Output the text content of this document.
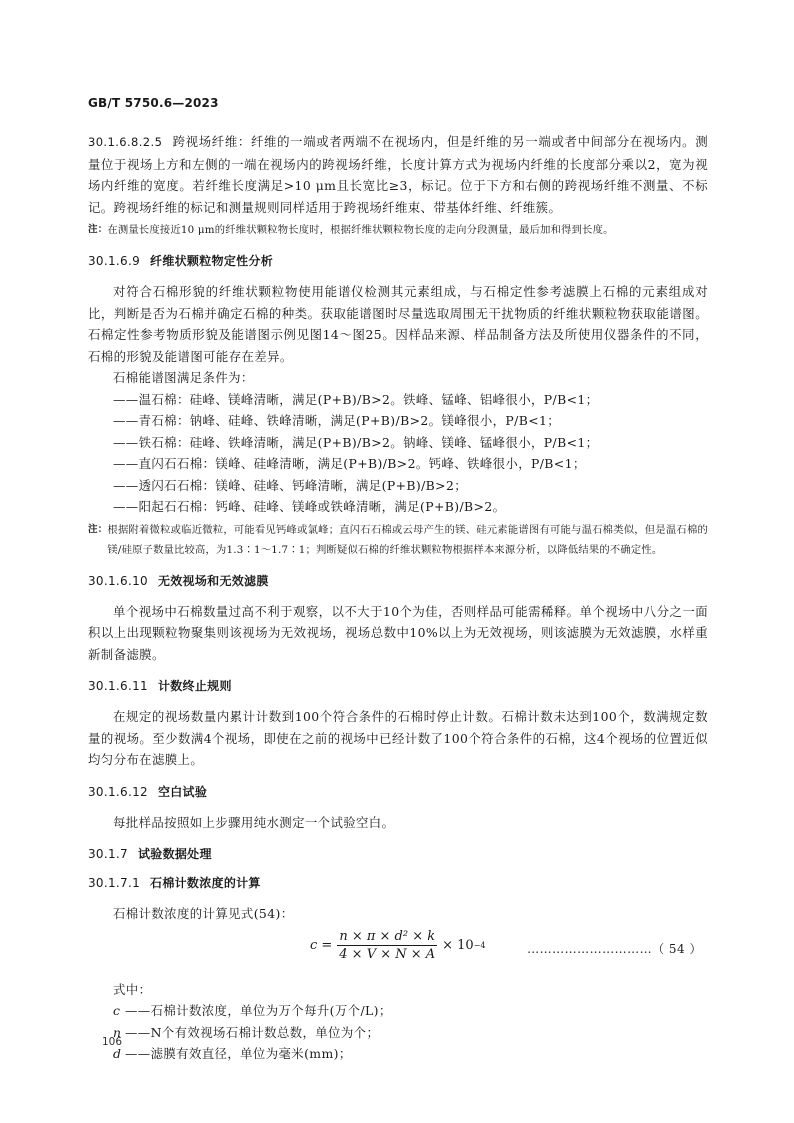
GB/T 5750.6—2023

30.1.6.8.2.5 跨视场纤维：纤维的一端或者两端不在视场内，但是纤维的另一端或者中间部分在视场内。测量位于视场上方和左侧的一端在视场内的跨视场纤维，长度计算方式为视场内纤维的长度部分乘以2，宽为视场内纤维的宽度。若纤维长度满足>10 μm且长宽比≥3，标记。位于下方和右侧的跨视场纤维不测量、不标记。跨视场纤维的标记和测量规则同样适用于跨视场纤维束、带基体纤维、纤维簇。

注： 在测量长度接近10 μm的纤维状颗粒物长度时，根据纤维状颗粒物长度的走向分段测量，最后加和得到长度。
30.1.6.9 纤维状颗粒物定性分析

对符合石棉形貌的纤维状颗粒物使用能谱仪检测其元素组成，与石棉定性参考滤膜上石棉的元素组成对比，判断是否为石棉并确定石棉的种类。获取能谱图时尽量选取周围无干扰物质的纤维状颗粒物获取能谱图。石棉定性参考物质形貌及能谱图示例见图14～图25。因样品来源、样品制备方法及所使用仪器条件的不同，石棉的形貌及能谱图可能存在差异。

石棉能谱图满足条件为：

——温石棉：硅峰、镁峰清晰，满足(P+B)/B>2。铁峰、锰峰、铝峰很小，P/B<1；
——青石棉：钠峰、硅峰、铁峰清晰，满足(P+B)/B>2。镁峰很小，P/B<1；
——铁石棉：硅峰、铁峰清晰，满足(P+B)/B>2。钠峰、镁峰、锰峰很小，P/B<1；
——直闪石石棉：镁峰、硅峰清晰，满足(P+B)/B>2。钙峰、铁峰很小，P/B<1；
——透闪石石棉：镁峰、硅峰、钙峰清晰，满足(P+B)/B>2；
——阳起石石棉：钙峰、硅峰、镁峰或铁峰清晰，满足(P+B)/B>2。
注： 根据附着微粒或临近微粒，可能看见钙峰或氯峰；直闪石石棉或云母产生的镁、硅元素能谱图有可能与温石棉类似，但是温石棉的镁/硅原子数量比较高，为1.3∶1～1.7∶1；判断疑似石棉的纤维状颗粒物根据样本来源分析，以降低结果的不确定性。
30.1.6.10 无效视场和无效滤膜

单个视场中石棉数量过高不利于观察，以不大于10个为佳，否则样品可能需稀释。单个视场中八分之一面积以上出现颗粒物聚集则该视场为无效视场，视场总数中10%以上为无效视场，则该滤膜为无效滤膜，水样重新制备滤膜。

30.1.6.11 计数终止规则

在规定的视场数量内累计计数到100个符合条件的石棉时停止计数。石棉计数未达到100个，数满规定数量的视场。至少数满4个视场，即使在之前的视场中已经计数了100个符合条件的石棉，这4个视场的位置近似均匀分布在滤膜上。

30.1.6.12 空白试验

每批样品按照如上步骤用纯水测定一个试验空白。

30.1.7 试验数据处理
30.1.7.1 石棉计数浓度的计算

石棉计数浓度的计算见式(54)：

$c = \frac{\text{n × π × d² × k}}{4 \times V \times N \times A} \times 10 -4$	…………………………（ 54 ）

式中：

c ——石棉计数浓度，单位为万个每升(万个/L)；
n ——N个有效视场石棉计数总数，单位为个；
d ——滤膜有效直径，单位为毫米(mm)；
106
